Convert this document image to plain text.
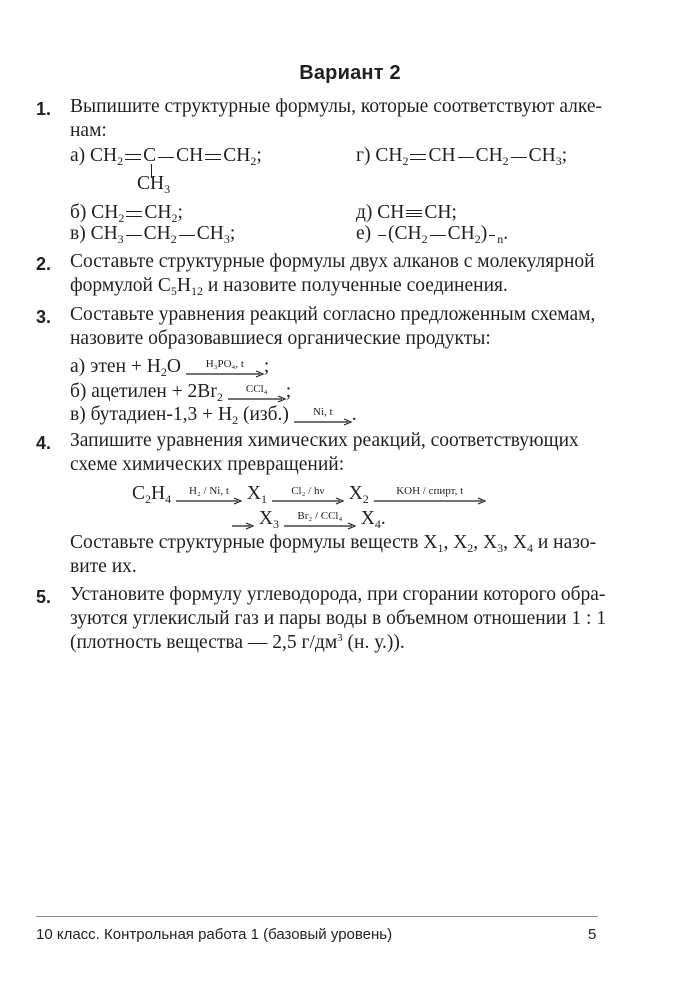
Вариант 2
1. Выпишите структурные формулы, которые соответствуют алке-
нам:
а) $CH_2$ C CH $CH_2$;
$CH_3$
г) $CH_2$ CH $CH_2$ $CH_3$;
б) $CH_2$ $CH_2$;	д) CH CH;
в) $CH_3$ $CH_2$ $CH_3$;	е) ($CH_2$ $CH_2$) $_n$.
2. Составьте структурные формулы двух алканов с молекулярной
формулой $C_5H_{12}$ и назовите полученные соединения.
3. Составьте уравнения реакций согласно предложенным схемам,
назовите образовавшиеся органические продукты:
а) этен + $H_2O$	H₃PO₄, t	;
б) ацетилен + $2Br_2$
CCl₄ ;
в) бутадиен-1,3 + $H_2$ (изб.)	Ni, t .
4. Запишите уравнения химических реакций, соответствующих
схеме химических превращений:
$C_2H_4$
H₂ / Ni, t $X_1$
Cl₂ / hν	$X_2$
KOH / спирт, t
→ $X_3$
Br₂ / CCl₄ $X_4$.
Составьте структурные формулы веществ $X_1$, $X_2$, $X_3$, $X_4$ и назо-
вите их.
5. Установите формулу углеводорода, при сгорании которого обра-
зуются углекислый газ и пары воды в объемном отношении 1 : 1
(плотность вещества — 2,5 $г/дм^3$ (н. у.)).
10 класс. Контрольная работа 1 (базовый уровень)	5
